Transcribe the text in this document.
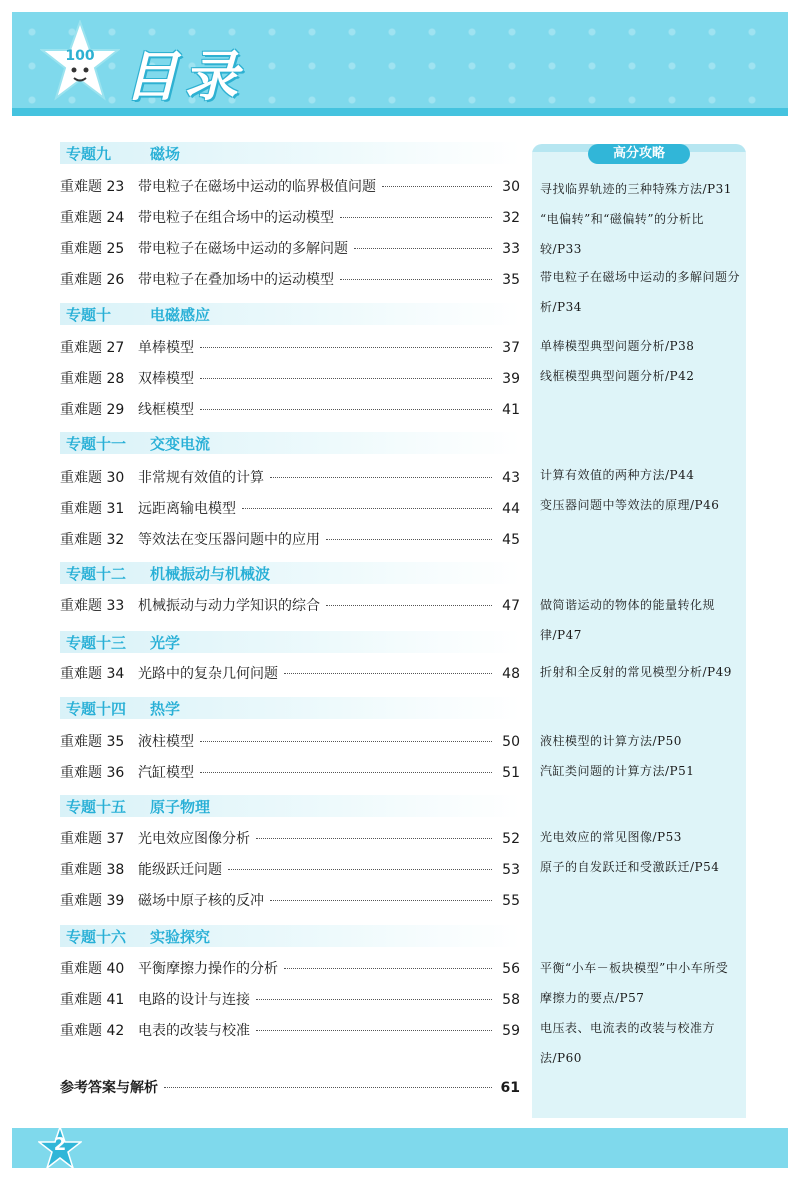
100 目录
专题九	磁场
重难题 23 带电粒子在磁场中运动的临界极值问题	30
重难题 24 带电粒子在组合场中的运动模型	32
重难题 25 带电粒子在磁场中运动的多解问题	33
重难题 26 带电粒子在叠加场中的运动模型	35
专题十	电磁感应
重难题 27 单棒模型	37
重难题 28 双棒模型	39
重难题 29 线框模型	41
专题十一	交变电流
重难题 30 非常规有效值的计算	43
重难题 31 远距离输电模型	44
重难题 32 等效法在变压器问题中的应用	45
专题十二	机械振动与机械波
重难题 33 机械振动与动力学知识的综合	47
专题十三	光学
重难题 34 光路中的复杂几何问题	48
专题十四	热学
重难题 35 液柱模型	50
重难题 36 汽缸模型	51
专题十五	原子物理
重难题 37 光电效应图像分析	52
重难题 38 能级跃迁问题	53
重难题 39 磁场中原子核的反冲	55
专题十六	实验探究
重难题 40 平衡摩擦力操作的分析	56
重难题 41 电路的设计与连接	58
重难题 42 电表的改装与校准	59
参考答案与解析	61
高分攻略
寻找临界轨迹的三种特殊方法/P31
“电偏转”和“磁偏转”的分析比较/P33
带电粒子在磁场中运动的多解问题分析/P34
单棒模型典型问题分析/P38
线框模型典型问题分析/P42
计算有效值的两种方法/P44
变压器问题中等效法的原理/P46
做简谐运动的物体的能量转化规律/P47
折射和全反射的常见模型分析/P49
液柱模型的计算方法/P50
汽缸类问题的计算方法/P51
光电效应的常见图像/P53
原子的自发跃迁和受激跃迁/P54
平衡“小车－板块模型”中小车所受摩擦力的要点/P57
电压表、电流表的改装与校准方法/P60
2
